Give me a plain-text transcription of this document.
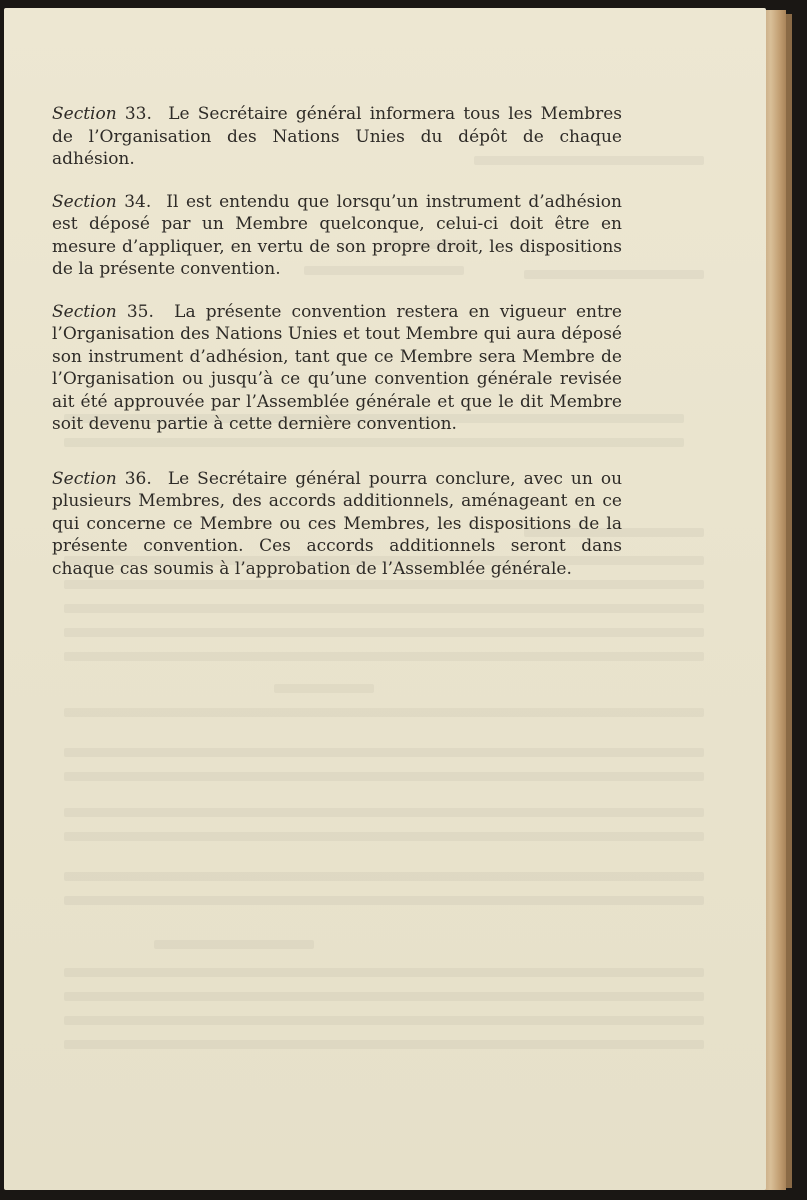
Section 33. Le Secrétaire général informera tous les Membres de l’Organisation des Nations Unies du dépôt de chaque adhésion.

Section 34. Il est entendu que lorsqu’un instrument d’adhésion est déposé par un Membre quelconque, celui-ci doit être en mesure d’appliquer, en vertu de son propre droit, les dispositions de la présente convention.

Section 35. La présente convention restera en vigueur entre l’Organisation des Nations Unies et tout Membre qui aura déposé son instrument d’adhésion, tant que ce Membre sera Membre de l’Organisation ou jusqu’à ce qu’une convention générale revisée ait été approuvée par l’Assemblée générale et que le dit Membre soit devenu partie à cette dernière convention.

Section 36. Le Secrétaire général pourra conclure, avec un ou plusieurs Membres, des accords additionnels, aménageant en ce qui concerne ce Membre ou ces Membres, les dispositions de la présente convention. Ces accords additionnels seront dans chaque cas soumis à l’approbation de l’Assemblée générale.
